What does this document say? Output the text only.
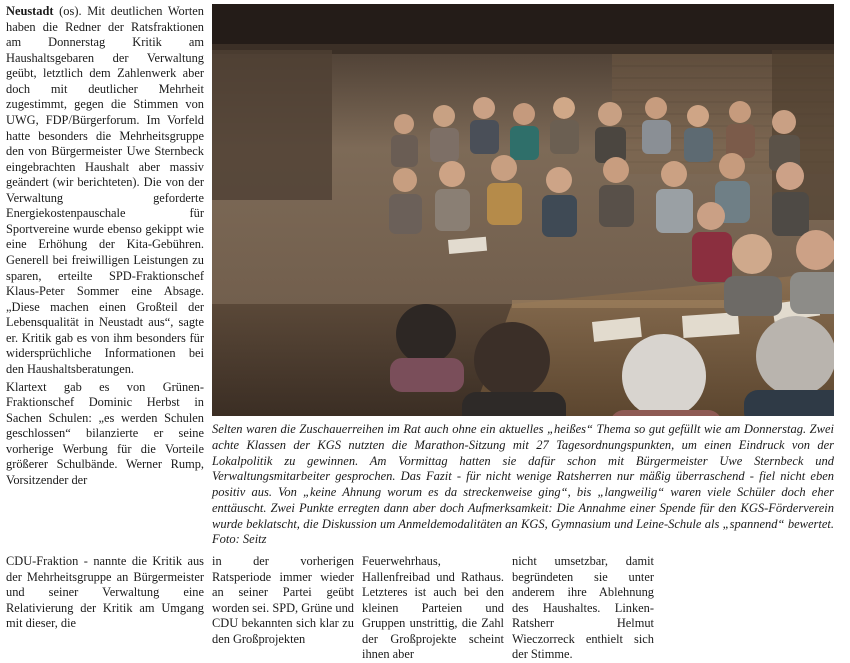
Neustadt (os). Mit deutlichen Worten haben die Redner der Ratsfraktionen am Donnerstag Kritik am Haushaltsgebaren der Verwaltung geübt, letztlich dem Zahlenwerk aber doch mit deutlicher Mehrheit zugestimmt, gegen die Stimmen von UWG, FDP/Bürgerforum. Im Vorfeld hatte besonders die Mehrheitsgruppe den von Bürgermeister Uwe Sternbeck eingebrachten Haushalt aber massiv geändert (wir berichteten). Die von der Verwaltung geforderte Energiekostenpauschale für Sportvereine wurde ebenso gekippt wie eine Erhöhung der Kita-Gebühren. Generell bei freiwilligen Leistungen zu sparen, erteilte SPD-Fraktionschef Klaus-Peter Sommer eine Absage. „Diese machen einen Großteil der Lebensqualität in Neustadt aus“, sagte er. Kritik gab es von ihm besonders für widersprüchliche Informationen bei den Haushaltsberatungen.

Klartext gab es von Grünen-Fraktionschef Dominic Herbst in Sachen Schulen: „es werden Schulen geschlossen“ bilanzierte er seine vorherige Werbung für die Vorteile größerer Schulbände. Werner Rump, Vorsitzender der

Selten waren die Zuschauerreihen im Rat auch ohne ein aktuelles „heißes“ Thema so gut gefüllt wie am Donnerstag. Zwei achte Klassen der KGS nutzten die Marathon-Sitzung mit 27 Tagesordnungspunkten, um einen Eindruck von der Lokalpolitik zu gewinnen. Am Vormittag hatten sie dafür schon mit Bürgermeister Uwe Sternbeck und Verwaltungsmitarbeiter gesprochen. Das Fazit - für nicht wenige Ratsherren nur mäßig überraschend - fiel nicht eben positiv aus. Von „keine Ahnung worum es da streckenweise ging“, bis „langweilig“ waren viele Schüler doch eher enttäuscht. Zwei Punkte erregten dann aber doch Aufmerksamkeit: Die Annahme einer Spende für den KGS-Förderverein wurde beklatscht, die Diskussion um Anmeldemodalitäten an KGS, Gymnasium und Leine-Schule als „spannend“ bewertet. Foto: Seitz

CDU-Fraktion - nannte die Kritik aus der Mehrheitsgruppe an Bürgermeister und seiner Verwaltung eine Relativierung der Kritik am Umgang mit dieser, die

in der vorherigen Ratsperiode immer wieder an seiner Partei geübt worden sei. SPD, Grüne und CDU bekannten sich klar zu den Großprojekten

Feuerwehrhaus, Hallenfreibad und Rathaus. Letzteres ist auch bei den kleinen Parteien und Gruppen unstrittig, die Zahl der Großprojekte scheint ihnen aber

nicht umsetzbar, damit begründeten sie unter anderem ihre Ablehnung des Haushaltes. Linken-Ratsherr Helmut Wieczorreck enthielt sich der Stimme.
